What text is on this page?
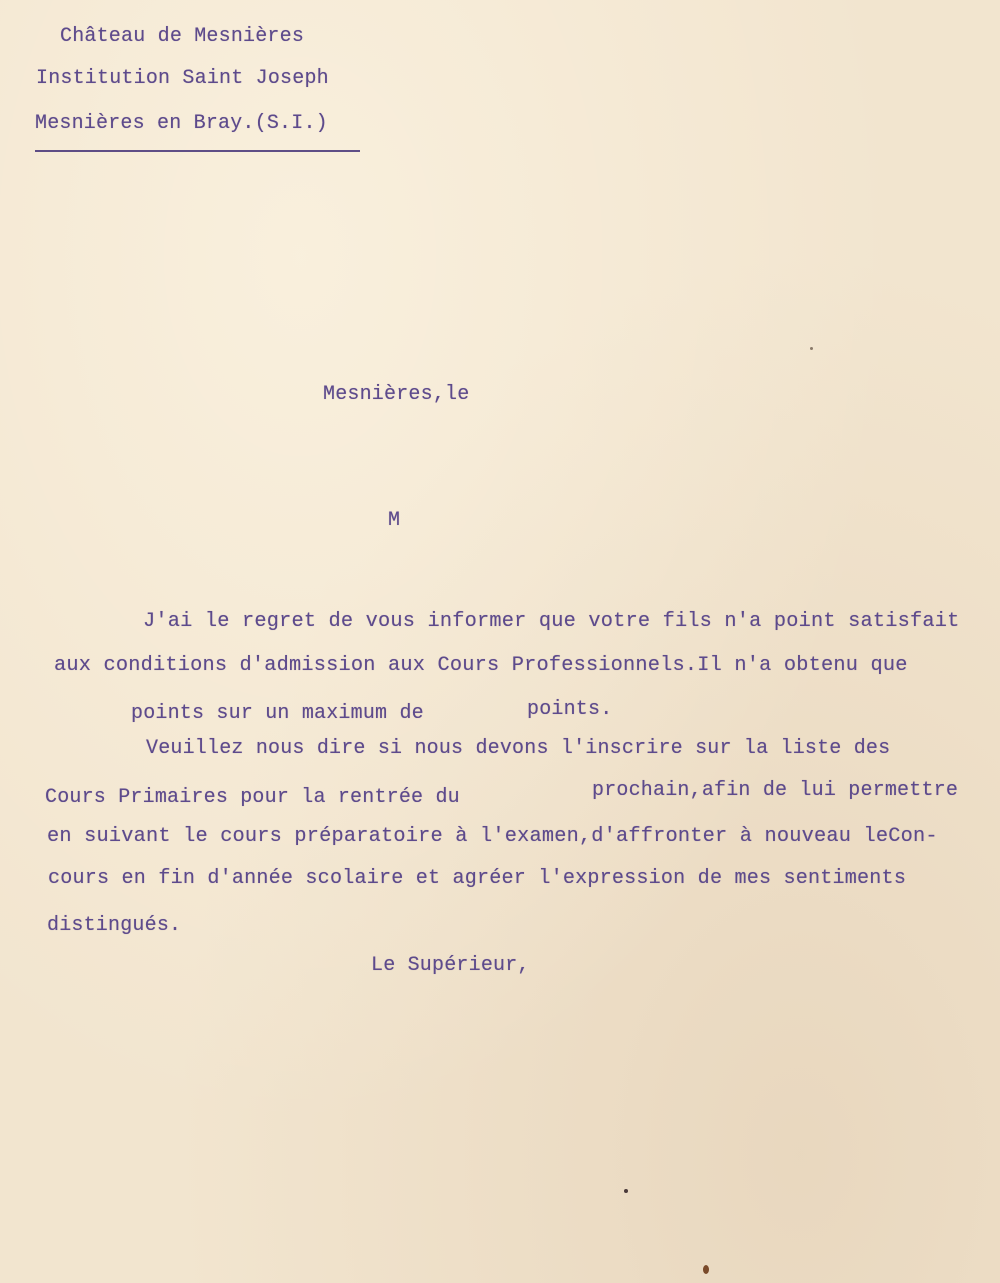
Château de Mesnières
Institution Saint Joseph
Mesnières en Bray.(S.I.)
Mesnières,le
M
J'ai le regret de vous informer que votre fils n'a point satisfait
aux conditions d'admission aux Cours Professionnels.Il n'a obtenu que
points sur un maximum de	points.
Veuillez nous dire si nous devons l'inscrire sur la liste des
Cours Primaires pour la rentrée du	prochain,afin de lui permettre
en suivant le cours préparatoire à l'examen,d'affronter à nouveau leCon-
cours en fin d'année scolaire et agréer l'expression de mes sentiments
distingués.
Le Supérieur,
